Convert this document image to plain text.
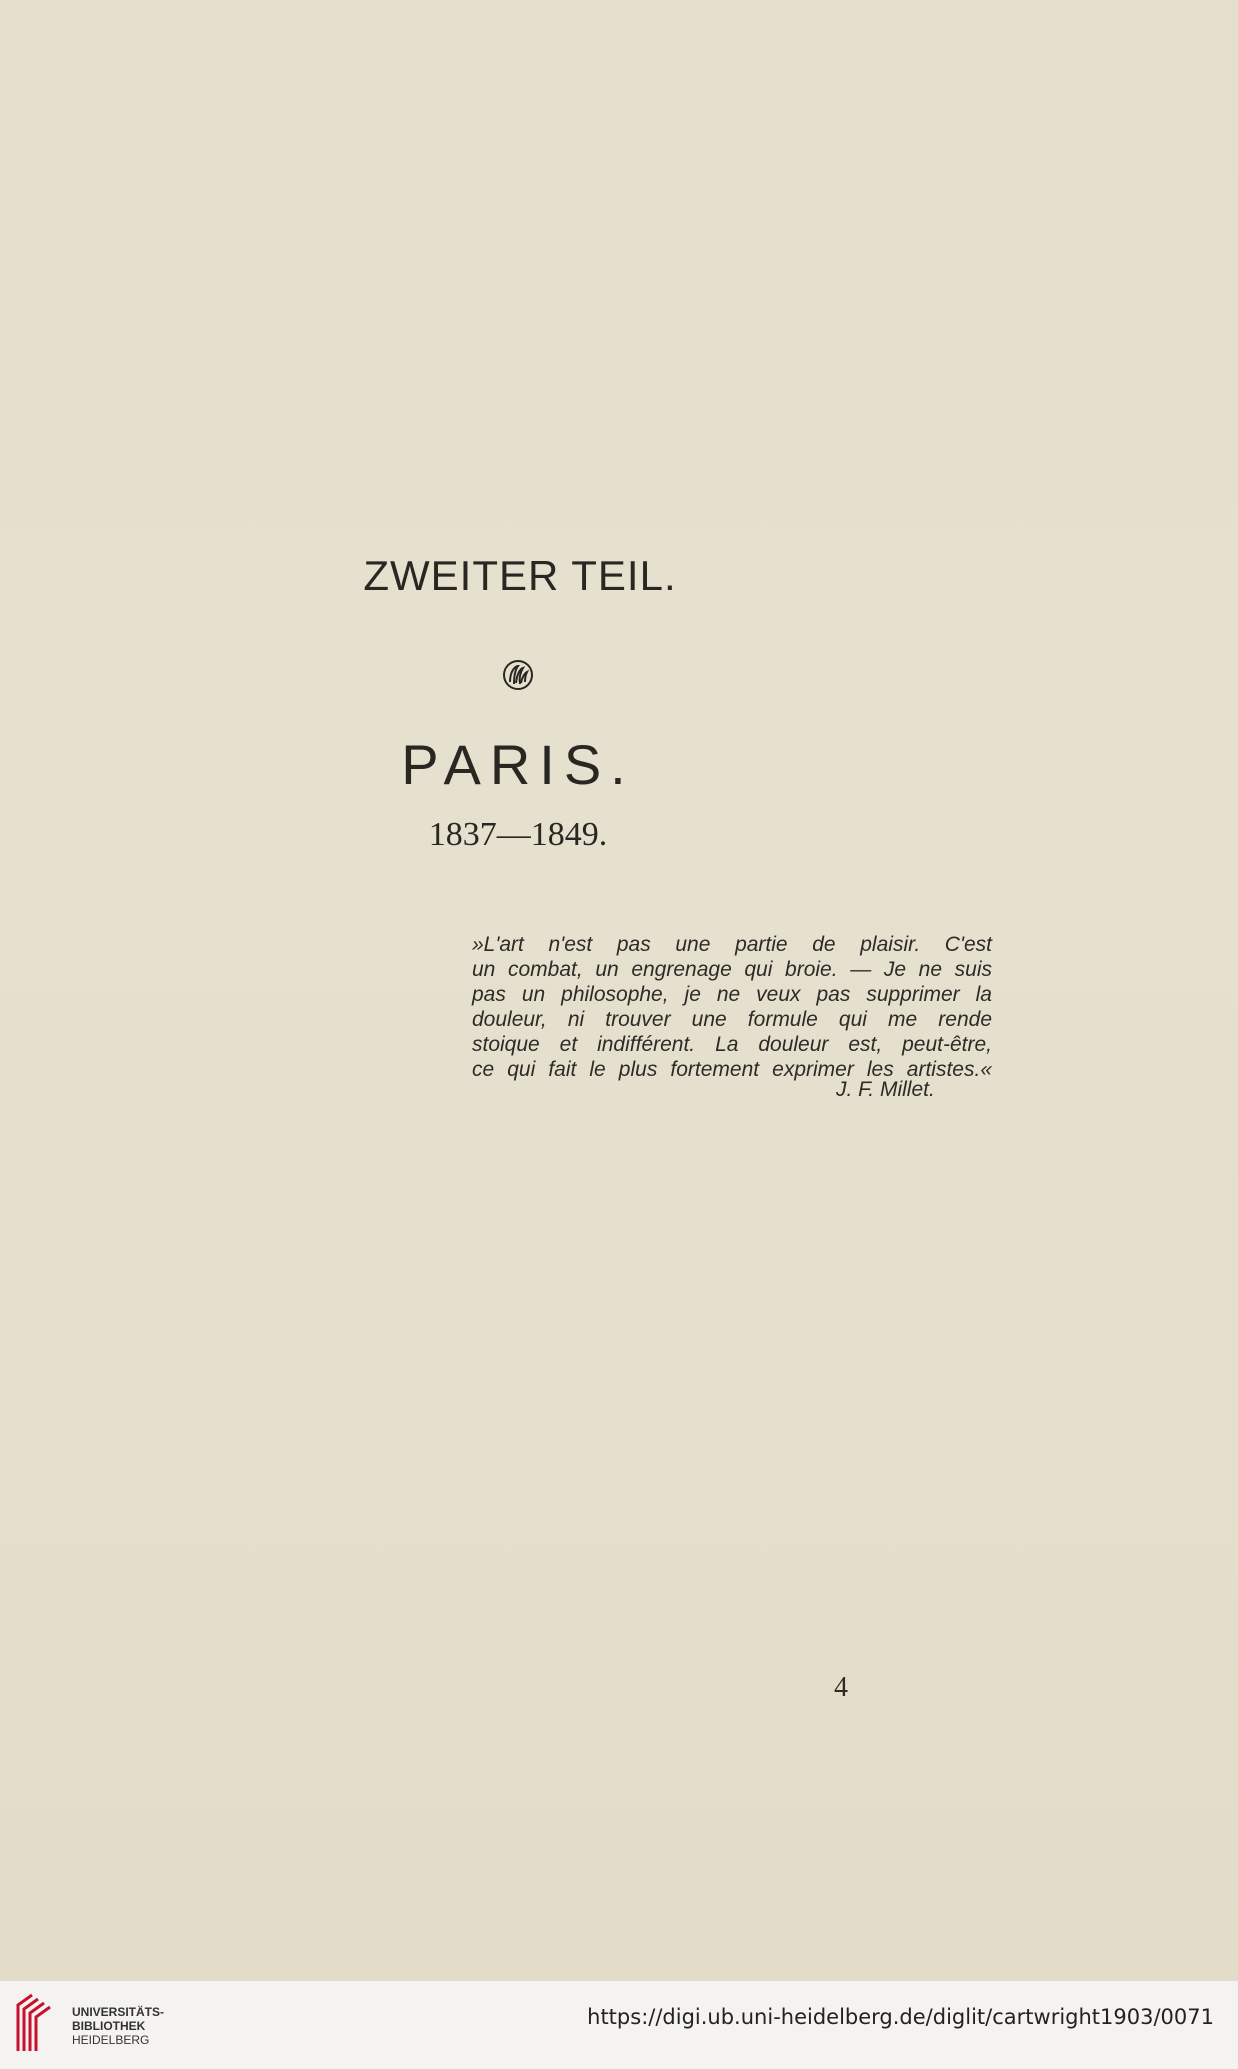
ZWEITER TEIL.
PARIS.
1837—1849.
»L'art n'est pas une partie de plaisir. C'est
un combat, un engrenage qui broie. — Je ne suis
pas un philosophe, je ne veux pas supprimer la
douleur, ni trouver une formule qui me rende
stoique et indifférent. La douleur est, peut-être,
ce qui fait le plus fortement exprimer les artistes.«
J. F. Millet.
4
UNIVERSITÄTS-
BIBLIOTHEK
HEIDELBERG
https://digi.ub.uni-heidelberg.de/diglit/cartwright1903/0071
